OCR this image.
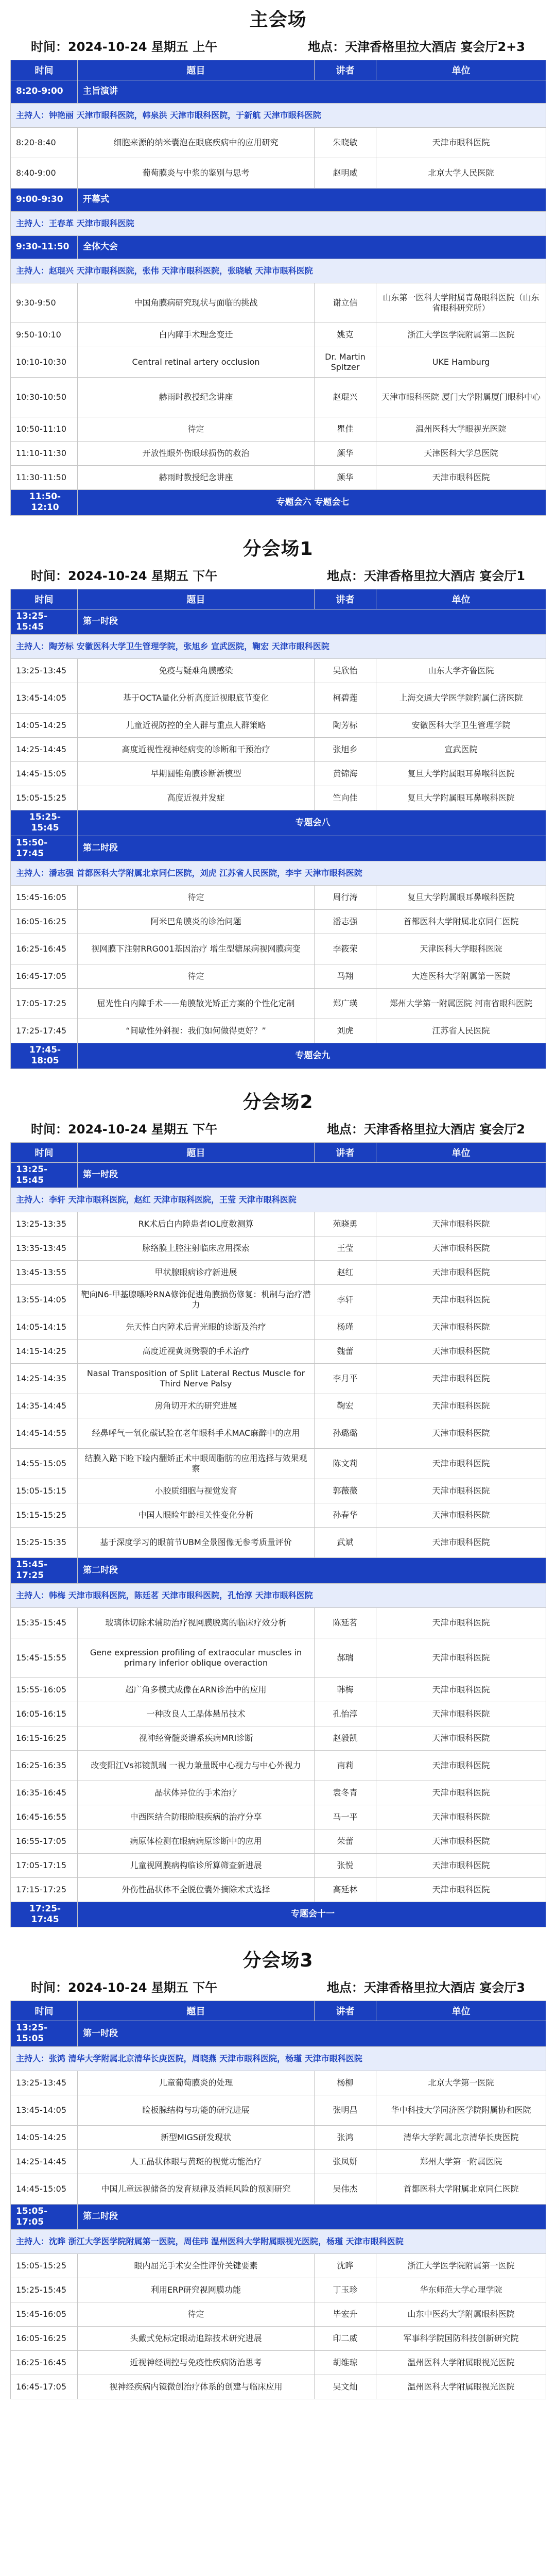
主会场
时间：2024-10-24 星期五 上午	地点：天津香格里拉大酒店 宴会厅2+3
时间	题目	讲者	单位
8:20-9:00	主旨演讲		
主持人：钟艳丽 天津市眼科医院，韩泉洪 天津市眼科医院，于新航 天津市眼科医院			
8:20-8:40	细胞来源的纳米囊泡在眼底疾病中的应用研究	朱晓敏	天津市眼科医院
8:40-9:00	葡萄膜炎与中浆的鉴别与思考	赵明威	北京大学人民医院
9:00-9:30	开幕式		
主持人：王春革 天津市眼科医院			
9:30-11:50	全体大会		
主持人：赵琨兴 天津市眼科医院，张伟 天津市眼科医院，张晓敏 天津市眼科医院			
9:30-9:50	中国角膜病研究现状与面临的挑战	谢立信	山东第一医科大学附属青岛眼科医院（山东省眼科研究所）
9:50-10:10	白内障手术理念变迁	姚克	浙江大学医学院附属第二医院
10:10-10:30	Central retinal artery occlusion	Dr. Martin Spitzer	UKE Hamburg
10:30-10:50	赫雨时教授纪念讲座	赵琨兴	天津市眼科医院 厦门大学附属厦门眼科中心
10:50-11:10	待定	瞿佳	温州医科大学眼视光医院
11:10-11:30	开放性眼外伤眼球损伤的救治	颜华	天津医科大学总医院
11:30-11:50	赫雨时教授纪念讲座	颜华	天津市眼科医院
11:50-12:10	专题会六 专题会七		
分会场1
时间：2024-10-24 星期五 下午	地点：天津香格里拉大酒店 宴会厅1
时间	题目	讲者	单位
13:25-15:45	第一时段		
主持人：陶芳标 安徽医科大学卫生管理学院，张旭乡 宣武医院，鞠宏 天津市眼科医院			
13:25-13:45	免疫与疑难角膜感染	吴欣怡	山东大学齐鲁医院
13:45-14:05	基于OCTA量化分析高度近视眼底节变化	柯碧莲	上海交通大学医学院附属仁济医院
14:05-14:25	儿童近视防控的全人群与重点人群策略	陶芳标	安徽医科大学卫生管理学院
14:25-14:45	高度近视性视神经病变的诊断和干预治疗	张旭乡	宣武医院
14:45-15:05	早期圆锥角膜诊断新模型	黄锦海	复旦大学附属眼耳鼻喉科医院
15:05-15:25	高度近视并发症	竺向佳	复旦大学附属眼耳鼻喉科医院
15:25-15:45	专题会八		
15:50-17:45	第二时段		
主持人：潘志强 首都医科大学附属北京同仁医院，刘虎 江苏省人民医院，李宇 天津市眼科医院			
15:45-16:05	待定	周行涛	复旦大学附属眼耳鼻喉科医院
16:05-16:25	阿米巴角膜炎的诊治问题	潘志强	首都医科大学附属北京同仁医院
16:25-16:45	视网膜下注射RRG001基因治疗 增生型糖尿病视网膜病变	李筱荣	天津医科大学眼科医院
16:45-17:05	待定	马翔	大连医科大学附属第一医院
17:05-17:25	屈光性白内障手术——角膜散光矫正方案的个性化定制	郑广瑛	郑州大学第一附属医院 河南省眼科医院
17:25-17:45	“间歇性外斜视：我们如何做得更好？”	刘虎	江苏省人民医院
17:45-18:05	专题会九		
分会场2
时间：2024-10-24 星期五 下午	地点：天津香格里拉大酒店 宴会厅2
时间	题目	讲者	单位
13:25-15:45	第一时段		
主持人：李轩 天津市眼科医院，赵红 天津市眼科医院，王莹 天津市眼科医院			
13:25-13:35	RK术后白内障患者IOL度数测算	苑晓勇	天津市眼科医院
13:35-13:45	脉络膜上腔注射临床应用探索	王莹	天津市眼科医院
13:45-13:55	甲状腺眼病诊疗新进展	赵红	天津市眼科医院
13:55-14:05	靶向N6-甲基腺嘌呤RNA修饰促进角膜损伤修复：机制与治疗潜力	李轩	天津市眼科医院
14:05-14:15	先天性白内障术后青光眼的诊断及治疗	杨瑾	天津市眼科医院
14:15-14:25	高度近视黄斑劈裂的手术治疗	魏蕾	天津市眼科医院
14:25-14:35	Nasal Transposition of Split Lateral Rectus Muscle for Third Nerve Palsy	李月平	天津市眼科医院
14:35-14:45	房角切开术的研究进展	鞠宏	天津市眼科医院
14:45-14:55	经鼻呼气一氧化碳试验在老年眼科手术MAC麻醉中的应用	孙璐璐	天津市眼科医院
14:55-15:05	结膜入路下睑下睑内翻矫正术中眼周脂肪的应用选择与效果观察	陈文莉	天津市眼科医院
15:05-15:15	小胶质细胞与视觉发育	郭薇薇	天津市眼科医院
15:15-15:25	中国人眼睑年龄相关性变化分析	孙春华	天津市眼科医院
15:25-15:35	基于深度学习的眼前节UBM全景图像无参考质量评价	武斌	天津市眼科医院
15:45-17:25	第二时段		
主持人：韩梅 天津市眼科医院，陈廷茗 天津市眼科医院，孔怡淳 天津市眼科医院			
15:35-15:45	玻璃体切除术辅助治疗视网膜脱离的临床疗效分析	陈延茗	天津市眼科医院
15:45-15:55	Gene expression profiling of extraocular muscles in primary inferior oblique overaction	郝瑞	天津市眼科医院
15:55-16:05	超广角多模式成像在ARN诊治中的应用	韩梅	天津市眼科医院
16:05-16:15	一种改良人工晶体悬吊技术	孔怡淳	天津市眼科医院
16:15-16:25	视神经脊髓炎谱系疾病MRI诊断	赵毅凯	天津市眼科医院
16:25-16:35	改变阳江Vs祁镜凯瑞 一视力兼量既中心视力与中心外视力	南莉	天津市眼科医院
16:35-16:45	晶状体异位的手术治疗	袁冬青	天津市眼科医院
16:45-16:55	中西医结合防眼睑眼疾病的治疗分享	马一平	天津市眼科医院
16:55-17:05	病原体检测在眼病病原诊断中的应用	荣蕾	天津市眼科医院
17:05-17:15	儿童视网膜病构临诊所算筛查新进展	张悦	天津市眼科医院
17:15-17:25	外伤性晶状体不全脱位囊外摘除术式选择	高延林	天津市眼科医院
17:25-17:45	专题会十一		
分会场3
时间：2024-10-24 星期五 下午	地点：天津香格里拉大酒店 宴会厅3
时间	题目	讲者	单位
13:25-15:05	第一时段		
主持人：张鸿 清华大学附属北京清华长庚医院，周晓燕 天津市眼科医院，杨瑾 天津市眼科医院			
13:25-13:45	儿童葡萄膜炎的处理	杨柳	北京大学第一医院
13:45-14:05	睑板腺结构与功能的研究进展	张明昌	华中科技大学同济医学院附属协和医院
14:05-14:25	新型MIGS研发现状	张鸿	清华大学附属北京清华长庚医院
14:25-14:45	人工晶状体眼与黄斑的视觉功能治疗	张凤妍	郑州大学第一附属医院
14:45-15:05	中国儿童远视储备的发育规律及消耗风险的预测研究	吴伟杰	首都医科大学附属北京同仁医院
15:05-17:05	第二时段		
主持人：沈晔 浙江大学医学院附属第一医院，周佳玮 温州医科大学附属眼视光医院，杨瑾 天津市眼科医院			
15:05-15:25	眼内屈光手术安全性评价关键要素	沈晔	浙江大学医学院附属第一医院
15:25-15:45	利用ERP研究视网膜功能	丁玉珍	华东师范大学心理学院
15:45-16:05	待定	毕宏升	山东中医药大学附属眼科医院
16:05-16:25	头戴式免标定眼动追踪技术研究进展	印二威	军事科学院国防科技创新研究院
16:25-16:45	近视神经调控与免疫性疾病防治思考	胡维琼	温州医科大学附属眼视光医院
16:45-17:05	视神经疾病内镜微创治疗体系的创建与临床应用	吴文灿	温州医科大学附属眼视光医院
